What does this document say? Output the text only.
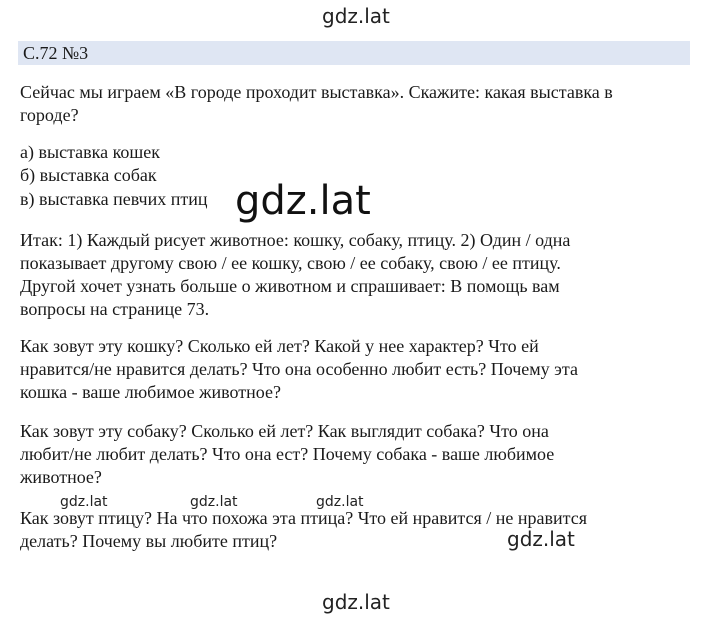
gdz.lat
С.72 №3

Сейчас мы играем «В городе проходит выставка». Скажите: какая выставка в
городе?

а) выставка кошек
б) выставка собак
в) выставка певчих птиц

Итак: 1) Каждый рисует животное: кошку, собаку, птицу. 2) Один / одна
показывает другому свою / ее кошку, свою / ее собаку, свою / ее птицу.
Другой хочет узнать больше о животном и спрашивает: В помощь вам
вопросы на странице 73.

Как зовут эту кошку? Сколько ей лет? Какой у нее характер? Что ей
нравится/не нравится делать? Что она особенно любит есть? Почему эта
кошка - ваше любимое животное?

Как зовут эту собаку? Сколько ей лет? Как выглядит собака? Что она
любит/не любит делать? Что она ест? Почему собака - ваше любимое
животное?

Как зовут птицу? На что похожа эта птица? Что ей нравится / не нравится
делать? Почему вы любите птиц?

gdz.lat
gdz.lat	gdz.lat	gdz.lat
gdz.lat
gdz.lat
